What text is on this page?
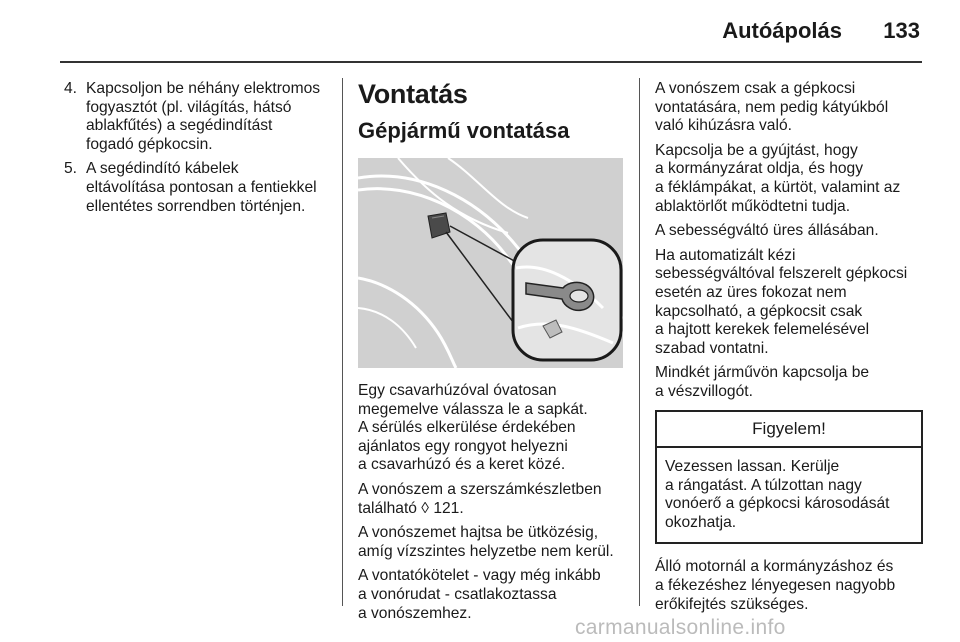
Autóápolás 133
4. Kapcsoljon be néhány elektromos
fogyasztót (pl. világítás, hátsó
ablakfűtés) a segédindítást
fogadó gépkocsin.
5. A segédindító kábelek
eltávolítása pontosan a fentiekkel
ellentétes sorrendben történjen.
Vontatás
Gépjármű vontatása

Egy csavarhúzóval óvatosan
megemelve válassza le a sapkát.
A sérülés elkerülése érdekében
ajánlatos egy rongyot helyezni
a csavarhúzó és a keret közé.

A vonószem a szerszámkészletben
található ◊ 121.

A vonószemet hajtsa be ütközésig,
amíg vízszintes helyzetbe nem kerül.

A vontatókötelet - vagy még inkább
a vonórudat - csatlakoztassa
a vonószemhez.

A vonószem csak a gépkocsi
vontatására, nem pedig kátyúkból
való kihúzásra való.

Kapcsolja be a gyújtást, hogy
a kormányzárat oldja, és hogy
a féklámpákat, a kürtöt, valamint az
ablaktörlőt működtetni tudja.

A sebességváltó üres állásában.

Ha automatizált kézi
sebességváltóval felszerelt gépkocsi
esetén az üres fokozat nem
kapcsolható, a gépkocsit csak
a hajtott kerekek felemelésével
szabad vontatni.

Mindkét járművön kapcsolja be
a vészvillogót.

Figyelem!
Vezessen lassan. Kerülje
a rángatást. A túlzottan nagy
vonóerő a gépkocsi károsodását
okozhatja.

Álló motornál a kormányzáshoz és
a fékezéshez lényegesen nagyobb
erőkifejtés szükséges.

carmanualsonline.info
